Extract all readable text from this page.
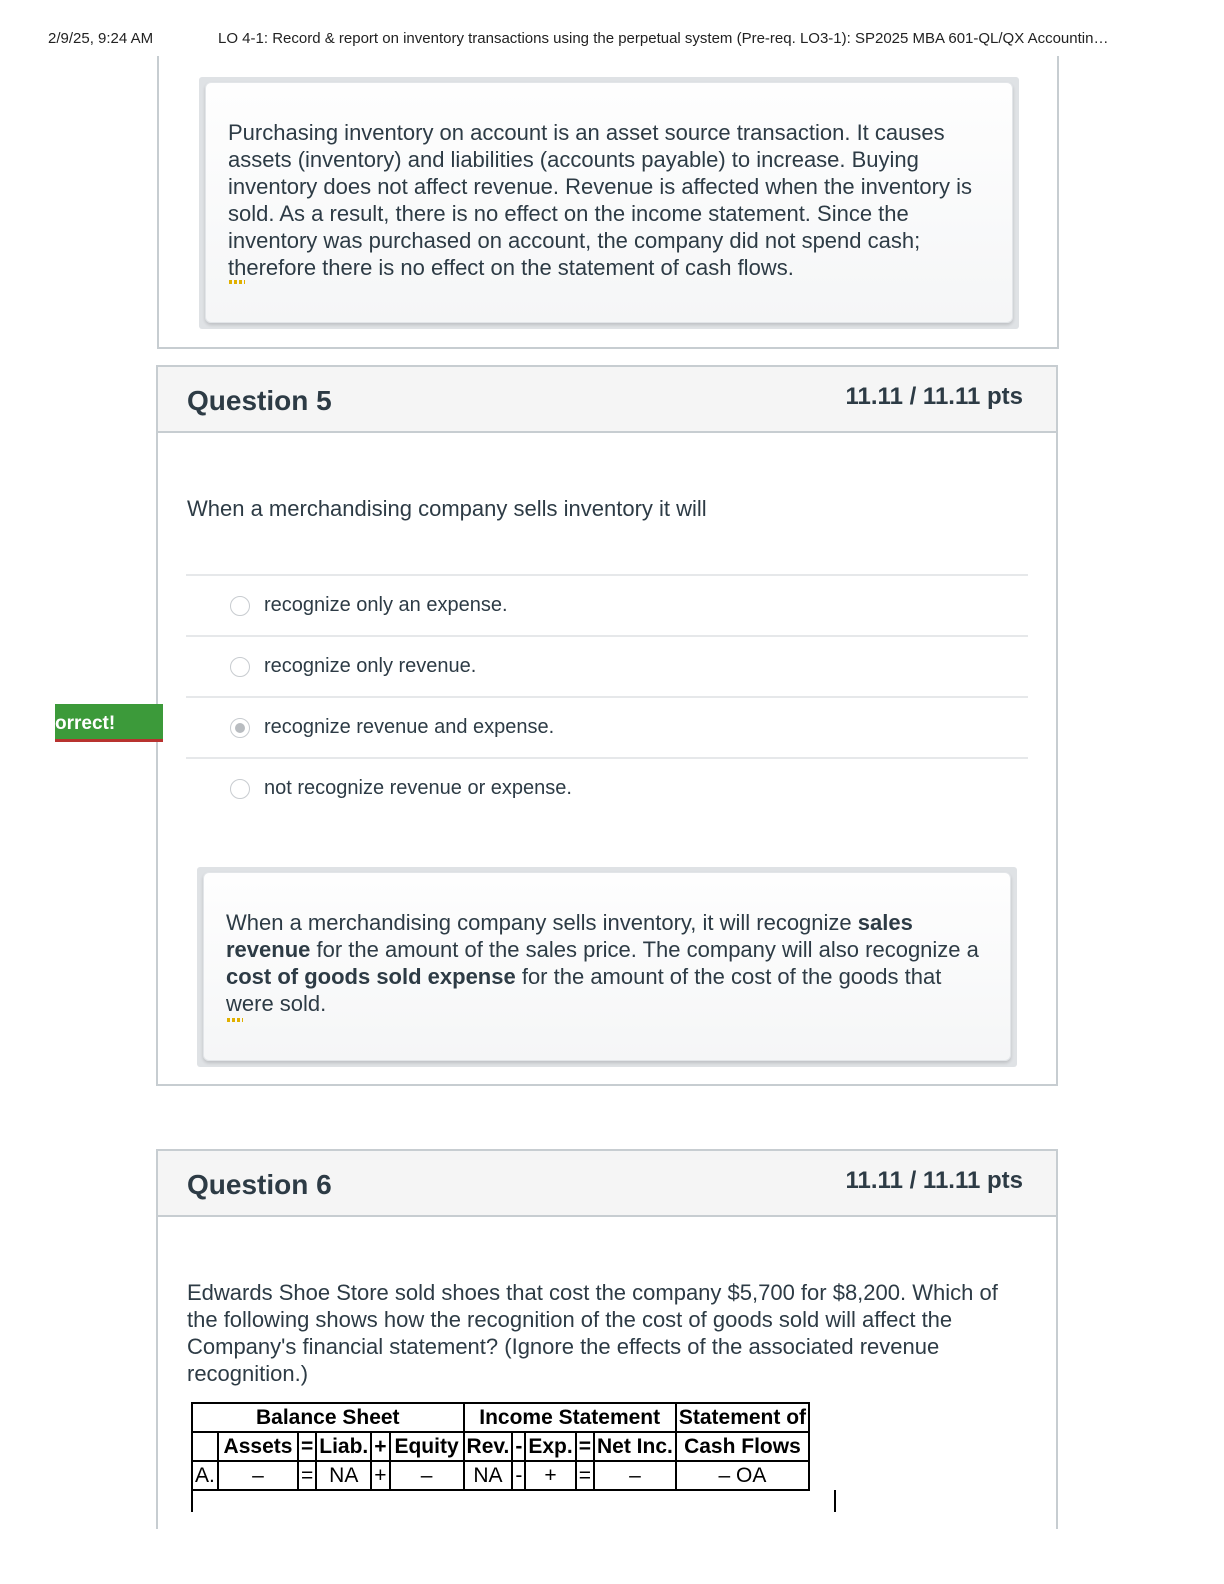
2/9/25, 9:24 AM	LO 4-1: Record & report on inventory transactions using the perpetual system (Pre-req. LO3-1): SP2025 MBA 601-QL/QX Accountin…

Purchasing inventory on account is an asset source transaction. It causes assets (inventory) and liabilities (accounts payable) to increase. Buying inventory does not affect revenue. Revenue is affected when the inventory is sold. As a result, there is no effect on the income statement. Since the inventory was purchased on account, the company did not spend cash; therefore there is no effect on the statement of cash flows.

Question 5	11.11 / 11.11 pts
When a merchandising company sells inventory it will
recognize only an expense.
recognize only revenue.
recognize revenue and expense.
not recognize revenue or expense.
orrect!

When a merchandising company sells inventory, it will recognize sales revenue for the amount of the sales price. The company will also recognize a cost of goods sold expense for the amount of the cost of the goods that were sold.

Question 6	11.11 / 11.11 pts
Edwards Shoe Store sold shoes that cost the company $5,700 for $8,200. Which of the following shows how the recognition of the cost of goods sold will affect the Company's financial statement? (Ignore the effects of the associated revenue recognition.)
Balance Sheet						Income Statement					Statement of
	Assets	=	Liab.	+	Equity	Rev.	-	Exp.	=	Net Inc.	Cash Flows
A.	–	=	NA	+	–	NA	-	+	=	–	– OA
